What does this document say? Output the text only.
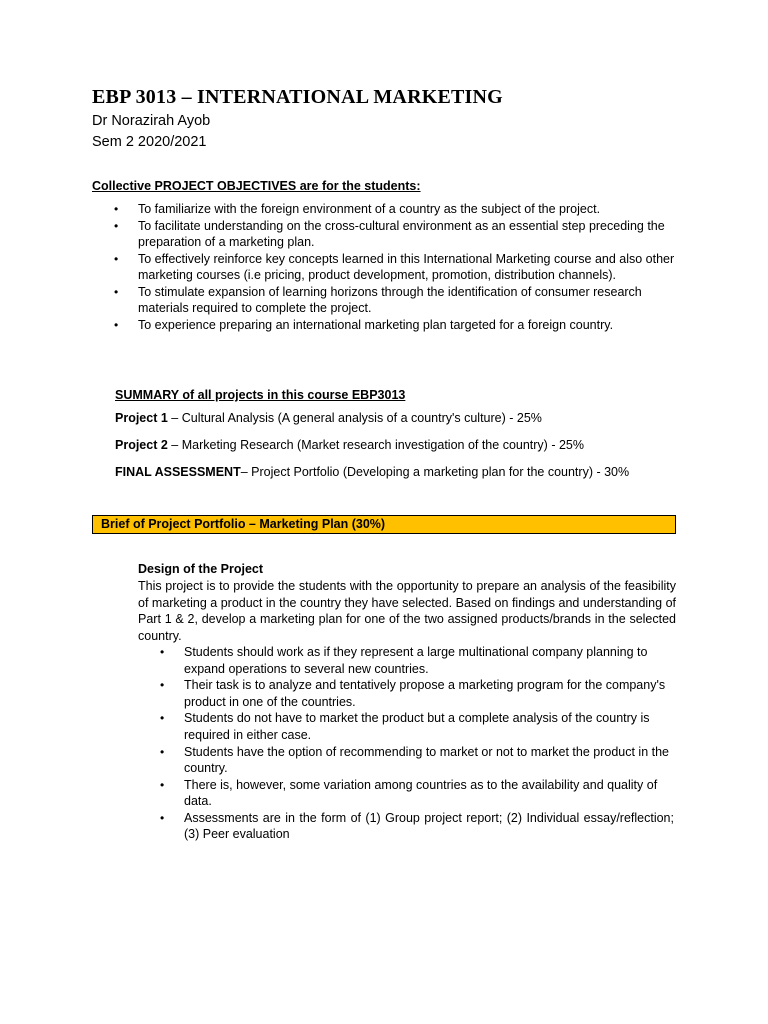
EBP 3013 – INTERNATIONAL MARKETING
Dr Norazirah Ayob
Sem 2 2020/2021
Collective PROJECT OBJECTIVES are for the students:
• To familiarize with the foreign environment of a country as the subject of the project.
• To facilitate understanding on the cross-cultural environment as an essential step preceding the preparation of a marketing plan.
• To effectively reinforce key concepts learned in this International Marketing course and also other marketing courses (i.e pricing, product development, promotion, distribution channels).
• To stimulate expansion of learning horizons through the identification of consumer research materials required to complete the project.
• To experience preparing an international marketing plan targeted for a foreign country.
SUMMARY of all projects in this course EBP3013
Project 1 – Cultural Analysis (A general analysis of a country's culture) - 25%
Project 2 – Marketing Research (Market research investigation of the country) - 25%
FINAL ASSESSMENT– Project Portfolio (Developing a marketing plan for the country) - 30%
Brief of Project Portfolio – Marketing Plan (30%)
Design of the Project

This project is to provide the students with the opportunity to prepare an analysis of the feasibility of marketing a product in the country they have selected. Based on findings and understanding of Part 1 & 2, develop a marketing plan for one of the two assigned products/brands in the selected country.

• Students should work as if they represent a large multinational company planning to expand operations to several new countries.
• Their task is to analyze and tentatively propose a marketing program for the company's product in one of the countries.
• Students do not have to market the product but a complete analysis of the country is required in either case.
• Students have the option of recommending to market or not to market the product in the country.
• There is, however, some variation among countries as to the availability and quality of data.
• Assessments are in the form of (1) Group project report; (2) Individual essay/reflection; (3) Peer evaluation
